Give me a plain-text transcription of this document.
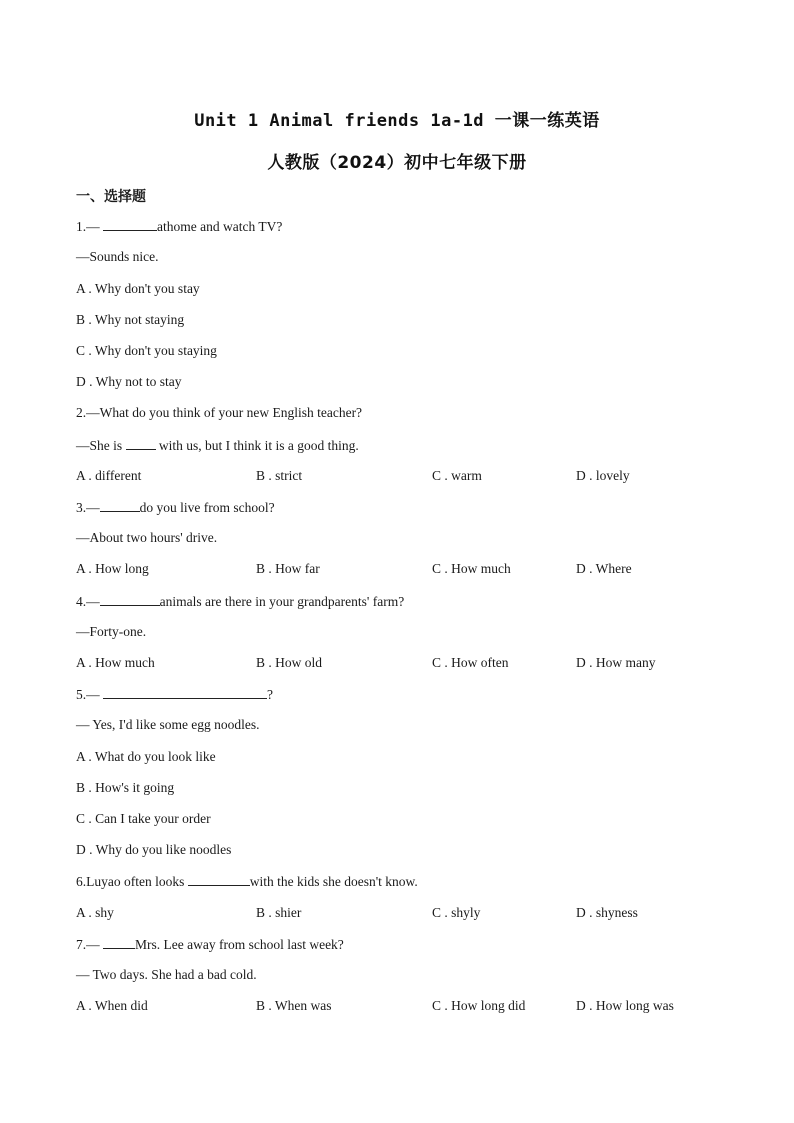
Unit 1 Animal friends 1a-1d 一课一练英语
人教版（2024）初中七年级下册
一、选择题
1.—	athome and watch TV?
—Sounds nice.
A . Why don't you stay
B . Why not staying
C . Why don't you staying
D . Why not to stay
2.—What do you think of your new English teacher?
—She is  with us, but I think it is a good thing.
A . different	B . strict	C . warm	D . lovely
3.—	do you live from school?
—About two hours' drive.
A . How long	B . How far	C . How much	D . Where
4.—	animals are there in your grandparents' farm?
—Forty-one.
A . How much	B . How old	C . How often	D . How many
5.—	?
— Yes, I'd like some egg noodles.
A . What do you look like
B . How's it going
C . Can I take your order
D . Why do you like noodles
6.Luyao often looks	with the kids she doesn't know.
A . shy	B . shier	C . shyly	D . shyness
7.— Mrs. Lee away from school last week?
— Two days. She had a bad cold.
A . When did	B . When was	C . How long did	D . How long was
